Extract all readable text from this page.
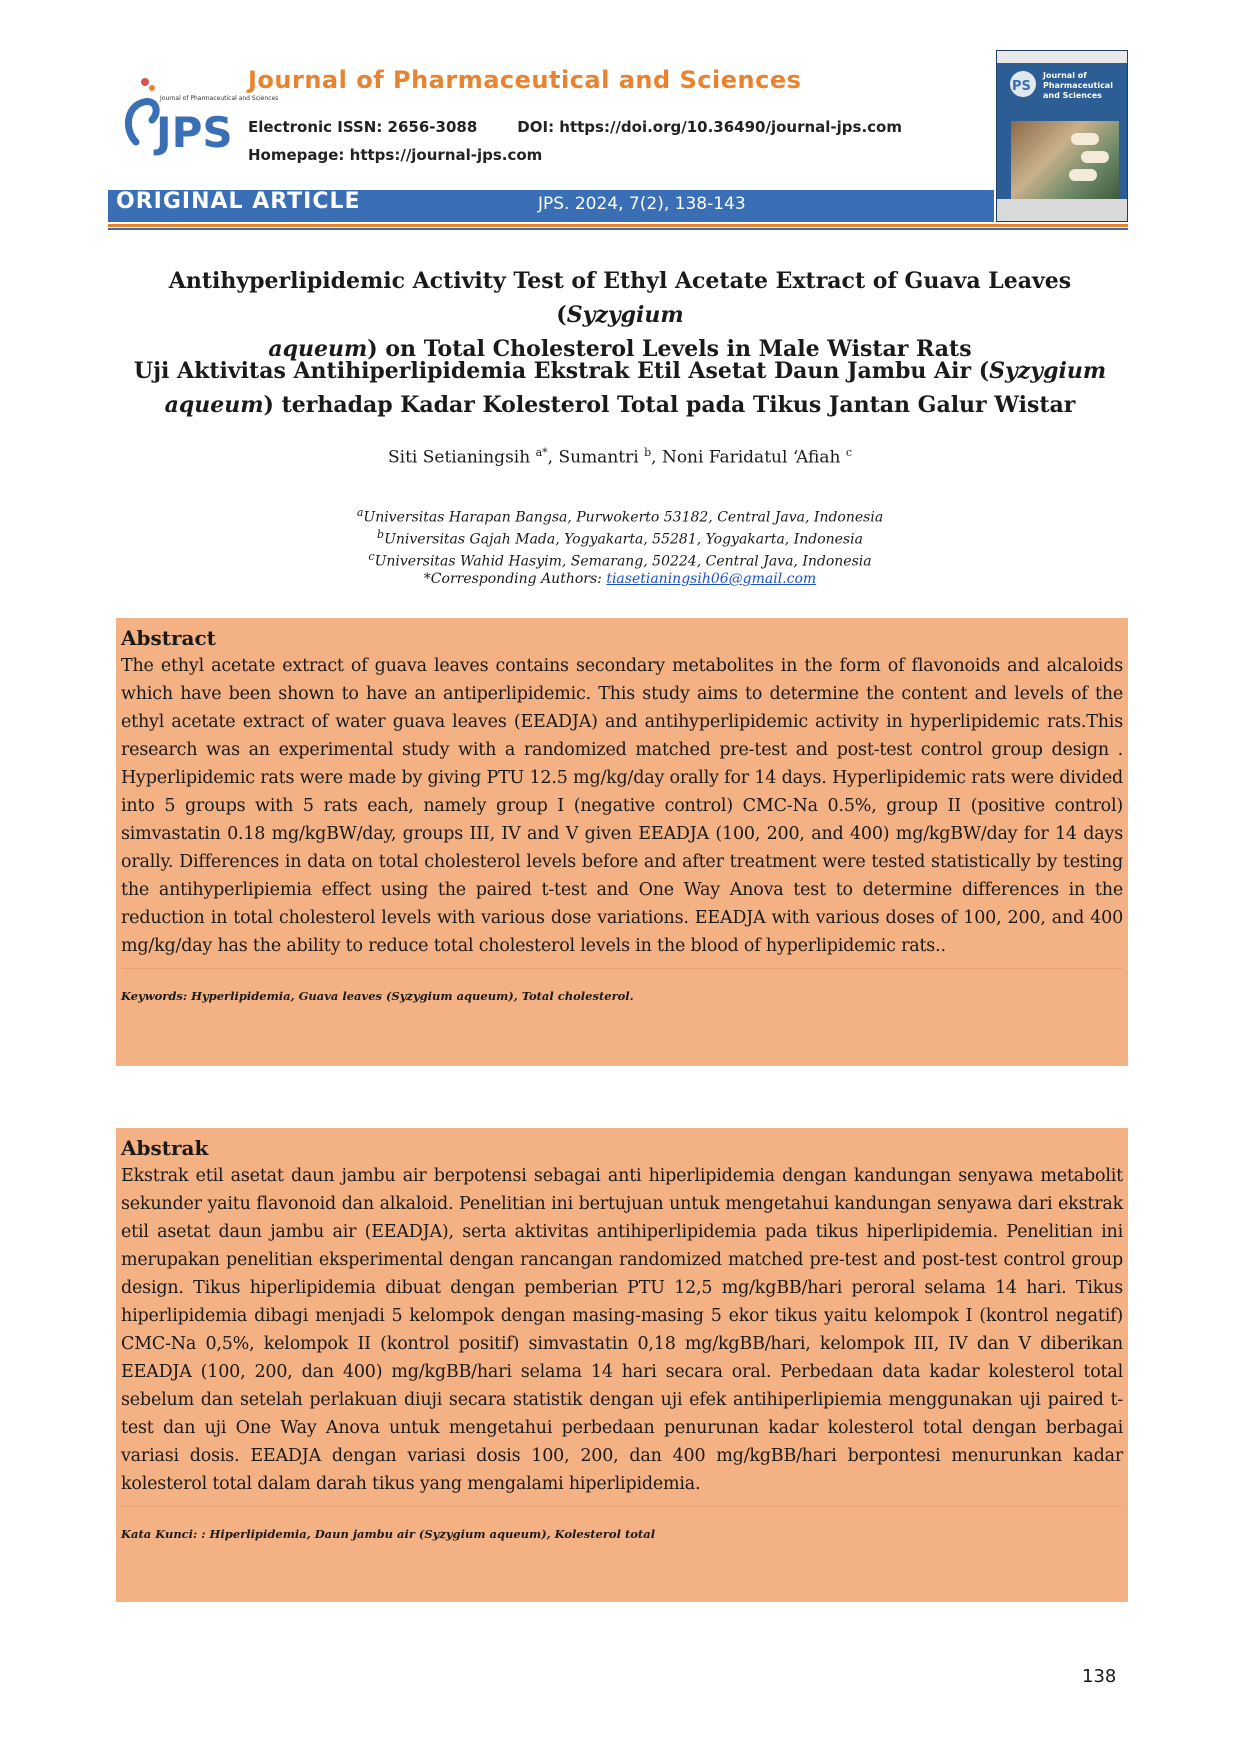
JPS
Journal of Pharmaceutical and Sciences
Journal of Pharmaceutical and Sciences
Electronic ISSN: 2656-3088	DOI: https://doi.org/10.36490/journal-jps.com
Homepage: https://journal-jps.com
ORIGINAL ARTICLE	JPS. 2024, 7(2), 138-143
PS
Journal of Pharmaceutical and Sciences
Antihyperlipidemic Activity Test of Ethyl Acetate Extract of Guava Leaves (Syzygium
aqueum) on Total Cholesterol Levels in Male Wistar Rats
Uji Aktivitas Antihiperlipidemia Ekstrak Etil Asetat Daun Jambu Air (Syzygium
aqueum) terhadap Kadar Kolesterol Total pada Tikus Jantan Galur Wistar
Siti Setianingsih $^{a*}$, Sumantri $^b$, Noni Faridatul ‘Afiah $^c$
$^a$Universitas Harapan Bangsa, Purwokerto 53182, Central Java, Indonesia
$^b$Universitas Gajah Mada, Yogyakarta, 55281, Yogyakarta, Indonesia
$^c$Universitas Wahid Hasyim, Semarang, 50224, Central Java, Indonesia
*Corresponding Authors: tiasetianingsih06@gmail.com
Abstract

The ethyl acetate extract of guava leaves contains secondary metabolites in the form of flavonoids and alcaloids which have been shown to have an antiperlipidemic. This study aims to determine the content and levels of the ethyl acetate extract of water guava leaves (EEADJA) and antihyperlipidemic activity in hyperlipidemic rats.This research was an experimental study with a randomized matched pre-test and post-test control group design . Hyperlipidemic rats were made by giving PTU 12.5 mg/kg/day orally for 14 days. Hyperlipidemic rats were divided into 5 groups with 5 rats each, namely group I (negative control) CMC-Na 0.5%, group II (positive control) simvastatin 0.18 mg/kgBW/day, groups III, IV and V given EEADJA (100, 200, and 400) mg/kgBW/day for 14 days orally. Differences in data on total cholesterol levels before and after treatment were tested statistically by testing the antihyperlipiemia effect using the paired t-test and One Way Anova test to determine differences in the reduction in total cholesterol levels with various dose variations. EEADJA with various doses of 100, 200, and 400 mg/kg/day has the ability to reduce total cholesterol levels in the blood of hyperlipidemic rats..

Keywords: Hyperlipidemia, Guava leaves (Syzygium aqueum), Total cholesterol.

Abstrak

Ekstrak etil asetat daun jambu air berpotensi sebagai anti hiperlipidemia dengan kandungan senyawa metabolit sekunder yaitu flavonoid dan alkaloid. Penelitian ini bertujuan untuk mengetahui kandungan senyawa dari ekstrak etil asetat daun jambu air (EEADJA), serta aktivitas antihiperlipidemia pada tikus hiperlipidemia. Penelitian ini merupakan penelitian eksperimental dengan rancangan randomized matched pre-test and post-test control group design. Tikus hiperlipidemia dibuat dengan pemberian PTU 12,5 mg/kgBB/hari peroral selama 14 hari. Tikus hiperlipidemia dibagi menjadi 5 kelompok dengan masing-masing 5 ekor tikus yaitu kelompok I (kontrol negatif) CMC-Na 0,5%, kelompok II (kontrol positif) simvastatin 0,18 mg/kgBB/hari, kelompok III, IV dan V diberikan EEADJA (100, 200, dan 400) mg/kgBB/hari selama 14 hari secara oral. Perbedaan data kadar kolesterol total sebelum dan setelah perlakuan diuji secara statistik dengan uji efek antihiperlipiemia menggunakan uji paired t-test dan uji One Way Anova untuk mengetahui perbedaan penurunan kadar kolesterol total dengan berbagai variasi dosis. EEADJA dengan variasi dosis 100, 200, dan 400 mg/kgBB/hari berpontesi menurunkan kadar kolesterol total dalam darah tikus yang mengalami hiperlipidemia.

Kata Kunci: : Hiperlipidemia, Daun jambu air (Syzygium aqueum), Kolesterol total

138
